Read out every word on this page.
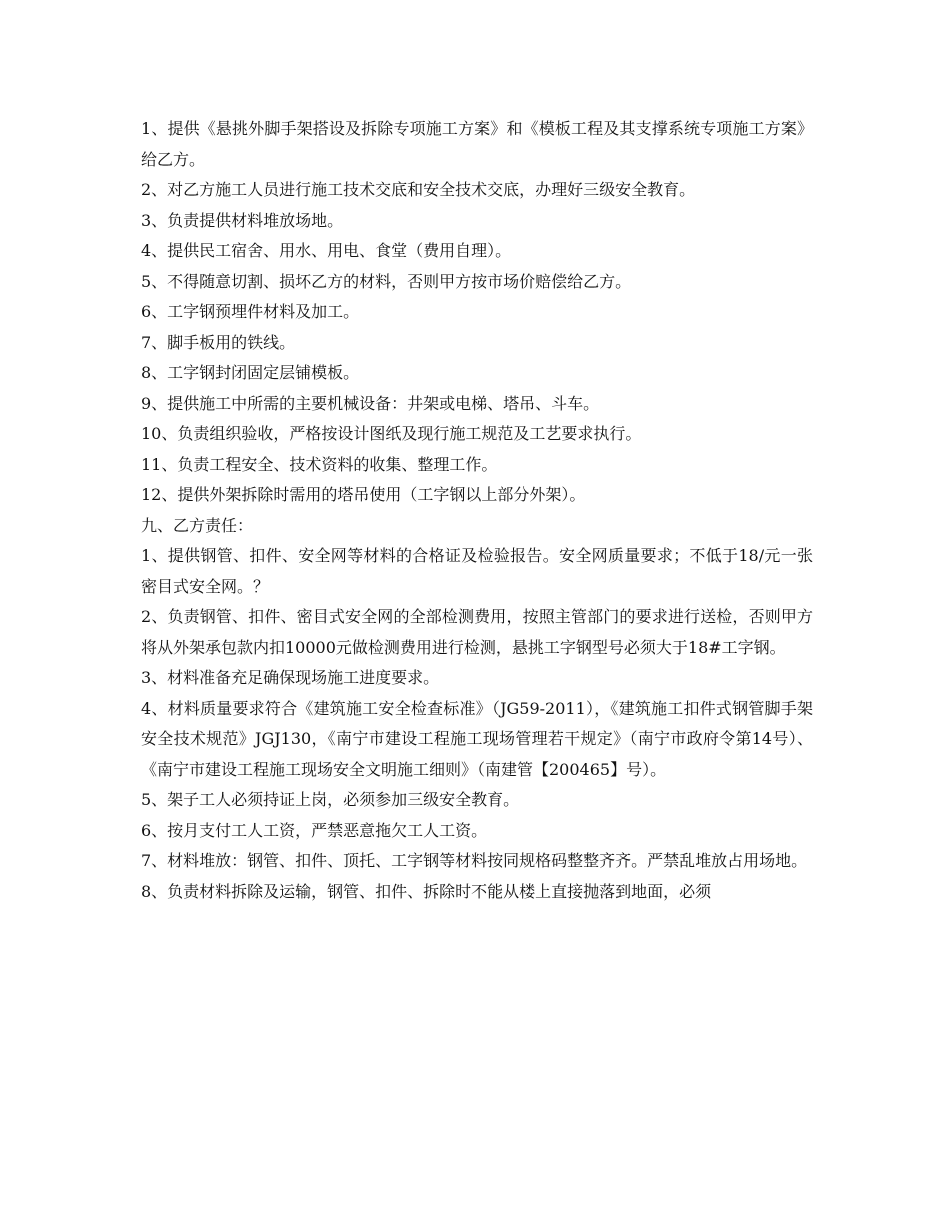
1、提供《悬挑外脚手架搭设及拆除专项施工方案》和《模板工程及其支撑系统专项施工方案》给乙方。

2、对乙方施工人员进行施工技术交底和安全技术交底，办理好三级安全教育。

3、负责提供材料堆放场地。

4、提供民工宿舍、用水、用电、食堂（费用自理）。

5、不得随意切割、损坏乙方的材料，否则甲方按市场价赔偿给乙方。

6、工字钢预埋件材料及加工。

7、脚手板用的铁线。

8、工字钢封闭固定层铺模板。

9、提供施工中所需的主要机械设备：井架或电梯、塔吊、斗车。

10、负责组织验收，严格按设计图纸及现行施工规范及工艺要求执行。

11、负责工程安全、技术资料的收集、整理工作。

12、提供外架拆除时需用的塔吊使用（工字钢以上部分外架）。

九、乙方责任：

1、提供钢管、扣件、安全网等材料的合格证及检验报告。安全网质量要求；不低于18/元一张密目式安全网。？

2、负责钢管、扣件、密目式安全网的全部检测费用，按照主管部门的要求进行送检，否则甲方将从外架承包款内扣10000元做检测费用进行检测，悬挑工字钢型号必须大于18#工字钢。

3、材料准备充足确保现场施工进度要求。

4、材料质量要求符合《建筑施工安全检查标准》（JG59-2011），《建筑施工扣件式钢管脚手架安全技术规范》JGJ130，《南宁市建设工程施工现场管理若干规定》（南宁市政府令第14号）、《南宁市建设工程施工现场安全文明施工细则》（南建管【200465】号）。

5、架子工人必须持证上岗，必须参加三级安全教育。

6、按月支付工人工资，严禁恶意拖欠工人工资。

7、材料堆放：钢管、扣件、顶托、工字钢等材料按同规格码整整齐齐。严禁乱堆放占用场地。

8、负责材料拆除及运输，钢管、扣件、拆除时不能从楼上直接抛落到地面，必须
